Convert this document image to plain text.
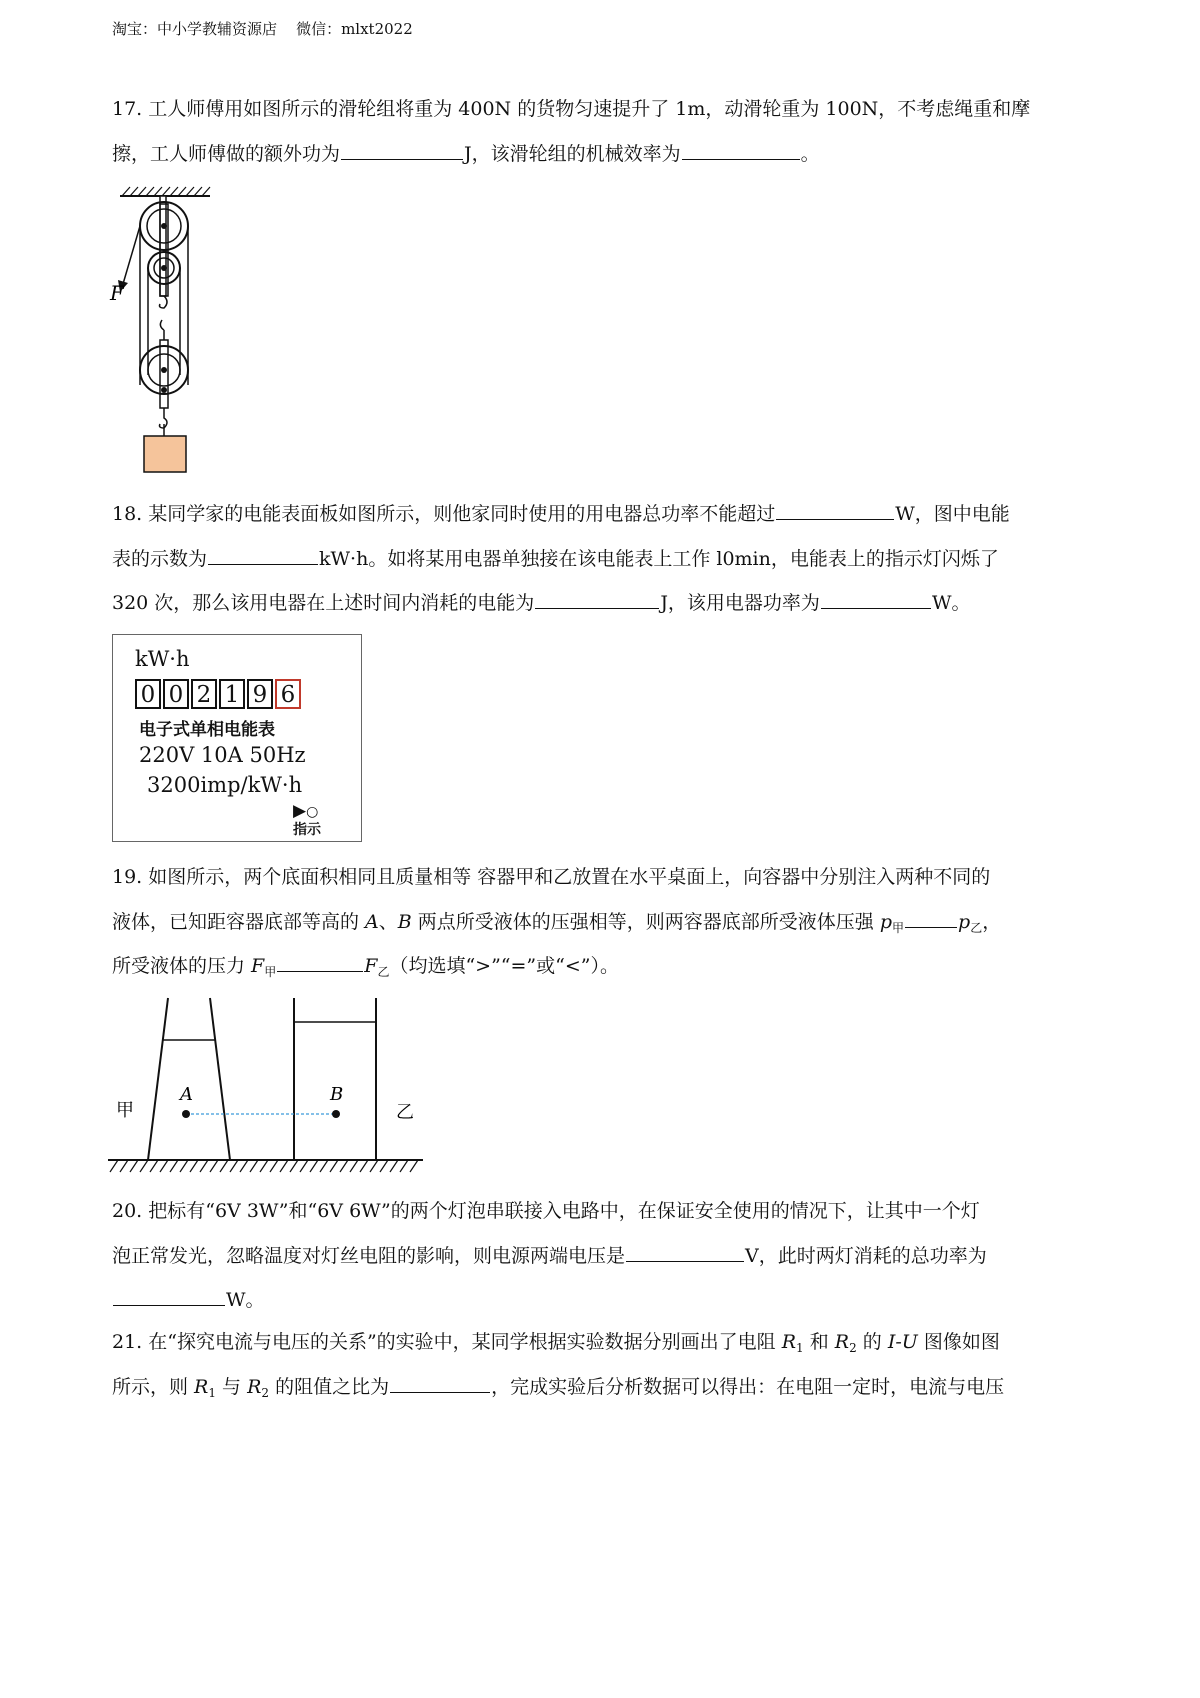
淘宝：中小学教辅资源店    微信：mlxt2022
17. 工人师傅用如图所示的滑轮组将重为 400N 的货物匀速提升了 1m，动滑轮重为 100N，不考虑绳重和摩
擦，工人师傅做的额外功为	J，该滑轮组的机械效率为	。
F
18. 某同学家的电能表面板如图所示，则他家同时使用的用电器总功率不能超过	W，图中电能
表的示数为	kW·h。如将某用电器单独接在该电能表上工作 l0min，电能表上的指示灯闪烁了
320 次，那么该用电器在上述时间内消耗的电能为	J，该用电器功率为	W。
kW·h
0 0 2 1 9 6
电子式单相电能表
220V 10A 50Hz
3200imp/kW·h
▶○
指示
19. 如图所示，两个底面积相同且质量相等 容器甲和乙放置在水平桌面上，向容器中分别注入两种不同的
液体，已知距容器底部等高的 A、B 两点所受液体的压强相等，则两容器底部所受液体压强 $p_甲$	$p_乙$，
所受液体的压力 $F_甲$	$F_乙$（均选填“>”“=”或“<”）。
A	B
甲	乙
20. 把标有“6V 3W”和“6V 6W”的两个灯泡串联接入电路中，在保证安全使用的情况下，让其中一个灯
泡正常发光，忽略温度对灯丝电阻的影响，则电源两端电压是	V，此时两灯消耗的总功率为
W。
21. 在“探究电流与电压的关系”的实验中，某同学根据实验数据分别画出了电阻 $R_1$ 和 $R_2$ 的 I-U 图像如图
所示，则 $R_1$ 与 $R_2$ 的阻值之比为	，完成实验后分析数据可以得出：在电阻一定时，电流与电压
